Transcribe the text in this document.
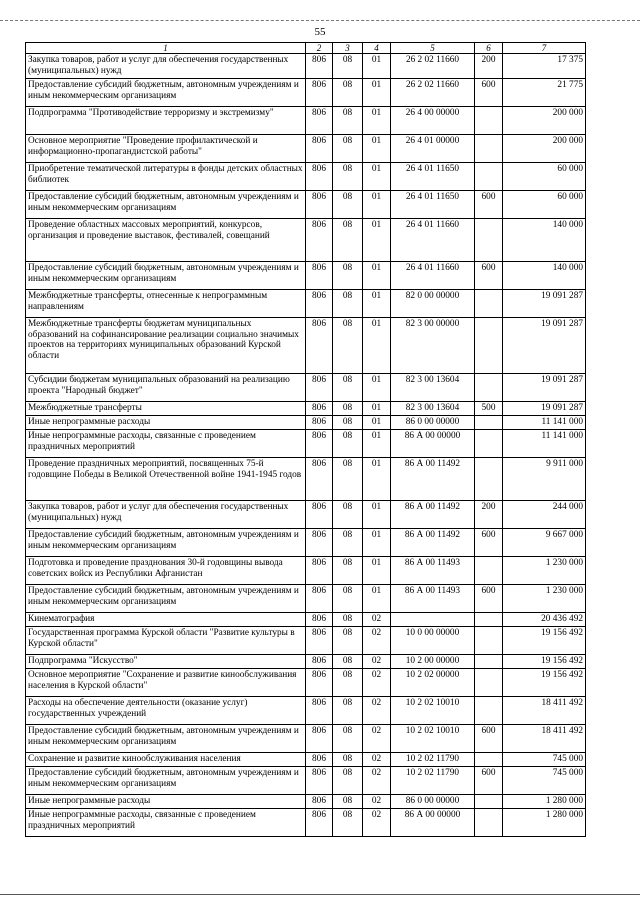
55
1	2	3	4	5	6	7
Закупка товаров, работ и услуг для обеспечения государственных (муниципальных) нужд	806	08	01	26 2 02 11660	200	17 375
Предоставление субсидий бюджетным, автономным учреждениям и иным некоммерческим организациям	806	08	01	26 2 02 11660	600	21 775
Подпрограмма "Противодействие терроризму и экстремизму"	806	08	01	26 4 00 00000		200 000
Основное мероприятие "Проведение профилактической и информационно-пропагандистской работы"	806	08	01	26 4 01 00000		200 000
Приобретение тематической литературы в фонды детских областных библиотек	806	08	01	26 4 01 11650		60 000
Предоставление субсидий бюджетным, автономным учреждениям и иным некоммерческим организациям	806	08	01	26 4 01 11650	600	60 000
Проведение областных массовых мероприятий, конкурсов, организация и проведение выставок, фестивалей, совещаний	806	08	01	26 4 01 11660		140 000
Предоставление субсидий бюджетным, автономным учреждениям и иным некоммерческим организациям	806	08	01	26 4 01 11660	600	140 000
Межбюджетные трансферты, отнесенные к непрограммным направлениям	806	08	01	82 0 00 00000		19 091 287
Межбюджетные трансферты бюджетам муниципальных образований на софинансирование реализации социально значимых проектов на территориях муниципальных образований Курской области	806	08	01	82 3 00 00000		19 091 287
Субсидии бюджетам муниципальных образований на реализацию проекта "Народный бюджет"	806	08	01	82 3 00 13604		19 091 287
Межбюджетные трансферты	806	08	01	82 3 00 13604	500	19 091 287
Иные непрограммные расходы	806	08	01	86 0 00 00000		11 141 000
Иные непрограммные расходы, связанные с проведением праздничных мероприятий	806	08	01	86 А 00 00000		11 141 000
Проведение праздничных мероприятий, посвященных 75-й годовщине Победы в Великой Отечественной войне 1941-1945 годов	806	08	01	86 А 00 11492		9 911 000
Закупка товаров, работ и услуг для обеспечения государственных (муниципальных) нужд	806	08	01	86 А 00 11492	200	244 000
Предоставление субсидий бюджетным, автономным учреждениям и иным некоммерческим организациям	806	08	01	86 А 00 11492	600	9 667 000
Подготовка и проведение празднования 30-й годовщины вывода советских войск из Республики Афганистан	806	08	01	86 А 00 11493		1 230 000
Предоставление субсидий бюджетным, автономным учреждениям и иным некоммерческим организациям	806	08	01	86 А 00 11493	600	1 230 000
Кинематография	806	08	02			20 436 492
Государственная программа Курской области "Развитие культуры в Курской области"	806	08	02	10 0 00 00000		19 156 492
Подпрограмма "Искусство"	806	08	02	10 2 00 00000		19 156 492
Основное мероприятие "Сохранение и развитие кинообслуживания населения в Курской области"	806	08	02	10 2 02 00000		19 156 492
Расходы на обеспечение деятельности (оказание услуг) государственных учреждений	806	08	02	10 2 02 10010		18 411 492
Предоставление субсидий бюджетным, автономным учреждениям и иным некоммерческим организациям	806	08	02	10 2 02 10010	600	18 411 492
Сохранение и развитие кинообслуживания населения	806	08	02	10 2 02 11790		745 000
Предоставление субсидий бюджетным, автономным учреждениям и иным некоммерческим организациям	806	08	02	10 2 02 11790	600	745 000
Иные непрограммные расходы	806	08	02	86 0 00 00000		1 280 000
Иные непрограммные расходы, связанные с проведением праздничных мероприятий	806	08	02	86 А 00 00000		1 280 000
